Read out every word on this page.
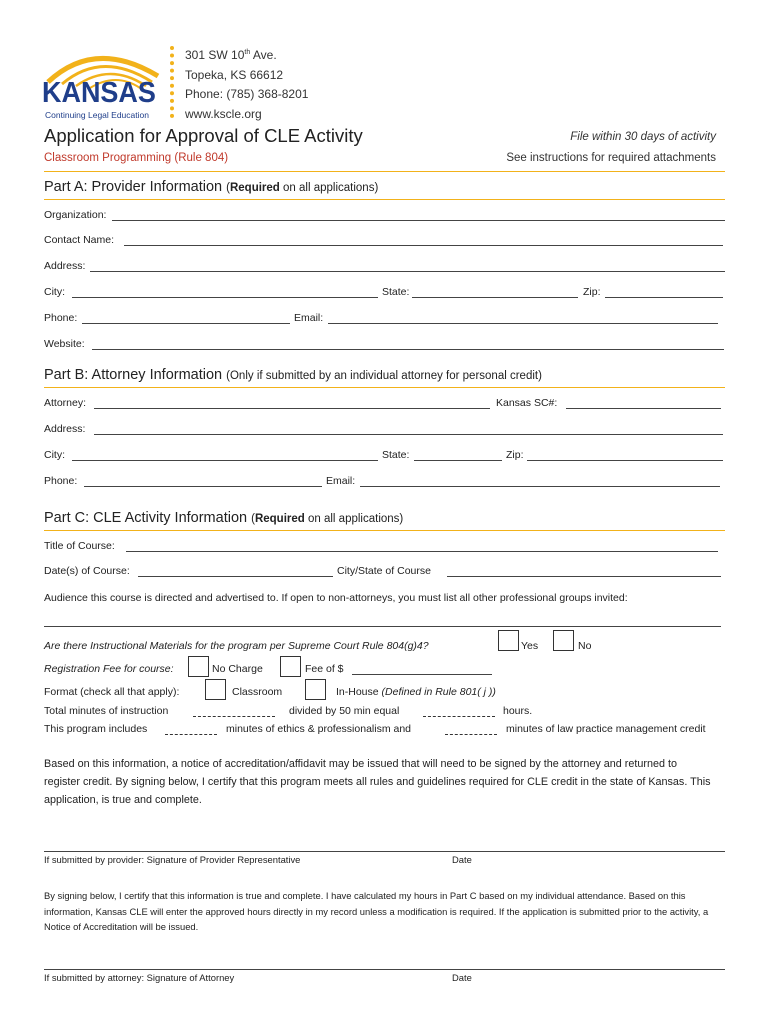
KANSAS
Continuing Legal Education
301 SW 10th Ave.
Topeka, KS 66612
Phone: (785) 368-8201
www.kscle.org
Application for Approval of CLE Activity
Classroom Programming (Rule 804)
File within 30 days of activity
See instructions for required attachments
Part A: Provider Information (Required on all applications)
Organization:
Contact Name:
Address:
City:	State:	Zip:
Phone:	Email:
Website:
Part B: Attorney Information (Only if submitted by an individual attorney for personal credit)
Attorney:	Kansas SC#:
Address:
City:	State:	Zip:
Phone:	Email:
Part C: CLE Activity Information (Required on all applications)
Title of Course:
Date(s) of Course:	City/State of Course
Audience this course is directed and advertised to. If open to non-attorneys, you must list all other professional groups invited:
Are there Instructional Materials for the program per Supreme Court Rule 804(g)4?	Yes	No
Registration Fee for course:	No Charge	Fee of $
Format (check all that apply):	Classroom	In-House (Defined in Rule 801( j ))
Total minutes of instruction	divided by 50 min equal	hours.
This program includes	minutes of ethics & professionalism and	minutes of law practice management credit
Based on this information, a notice of accreditation/affidavit may be issued that will need to be signed by the attorney and returned to register credit. By signing below, I certify that this program meets all rules and guidelines required for CLE credit in the state of Kansas. This application, is true and complete.
If submitted by provider: Signature of Provider Representative	Date
By signing below, I certify that this information is true and complete. I have calculated my hours in Part C based on my individual attendance. Based on this information, Kansas CLE will enter the approved hours directly in my record unless a modification is required. If the application is submitted prior to the activity, a Notice of Accreditation will be issued.
If submitted by attorney: Signature of Attorney	Date
